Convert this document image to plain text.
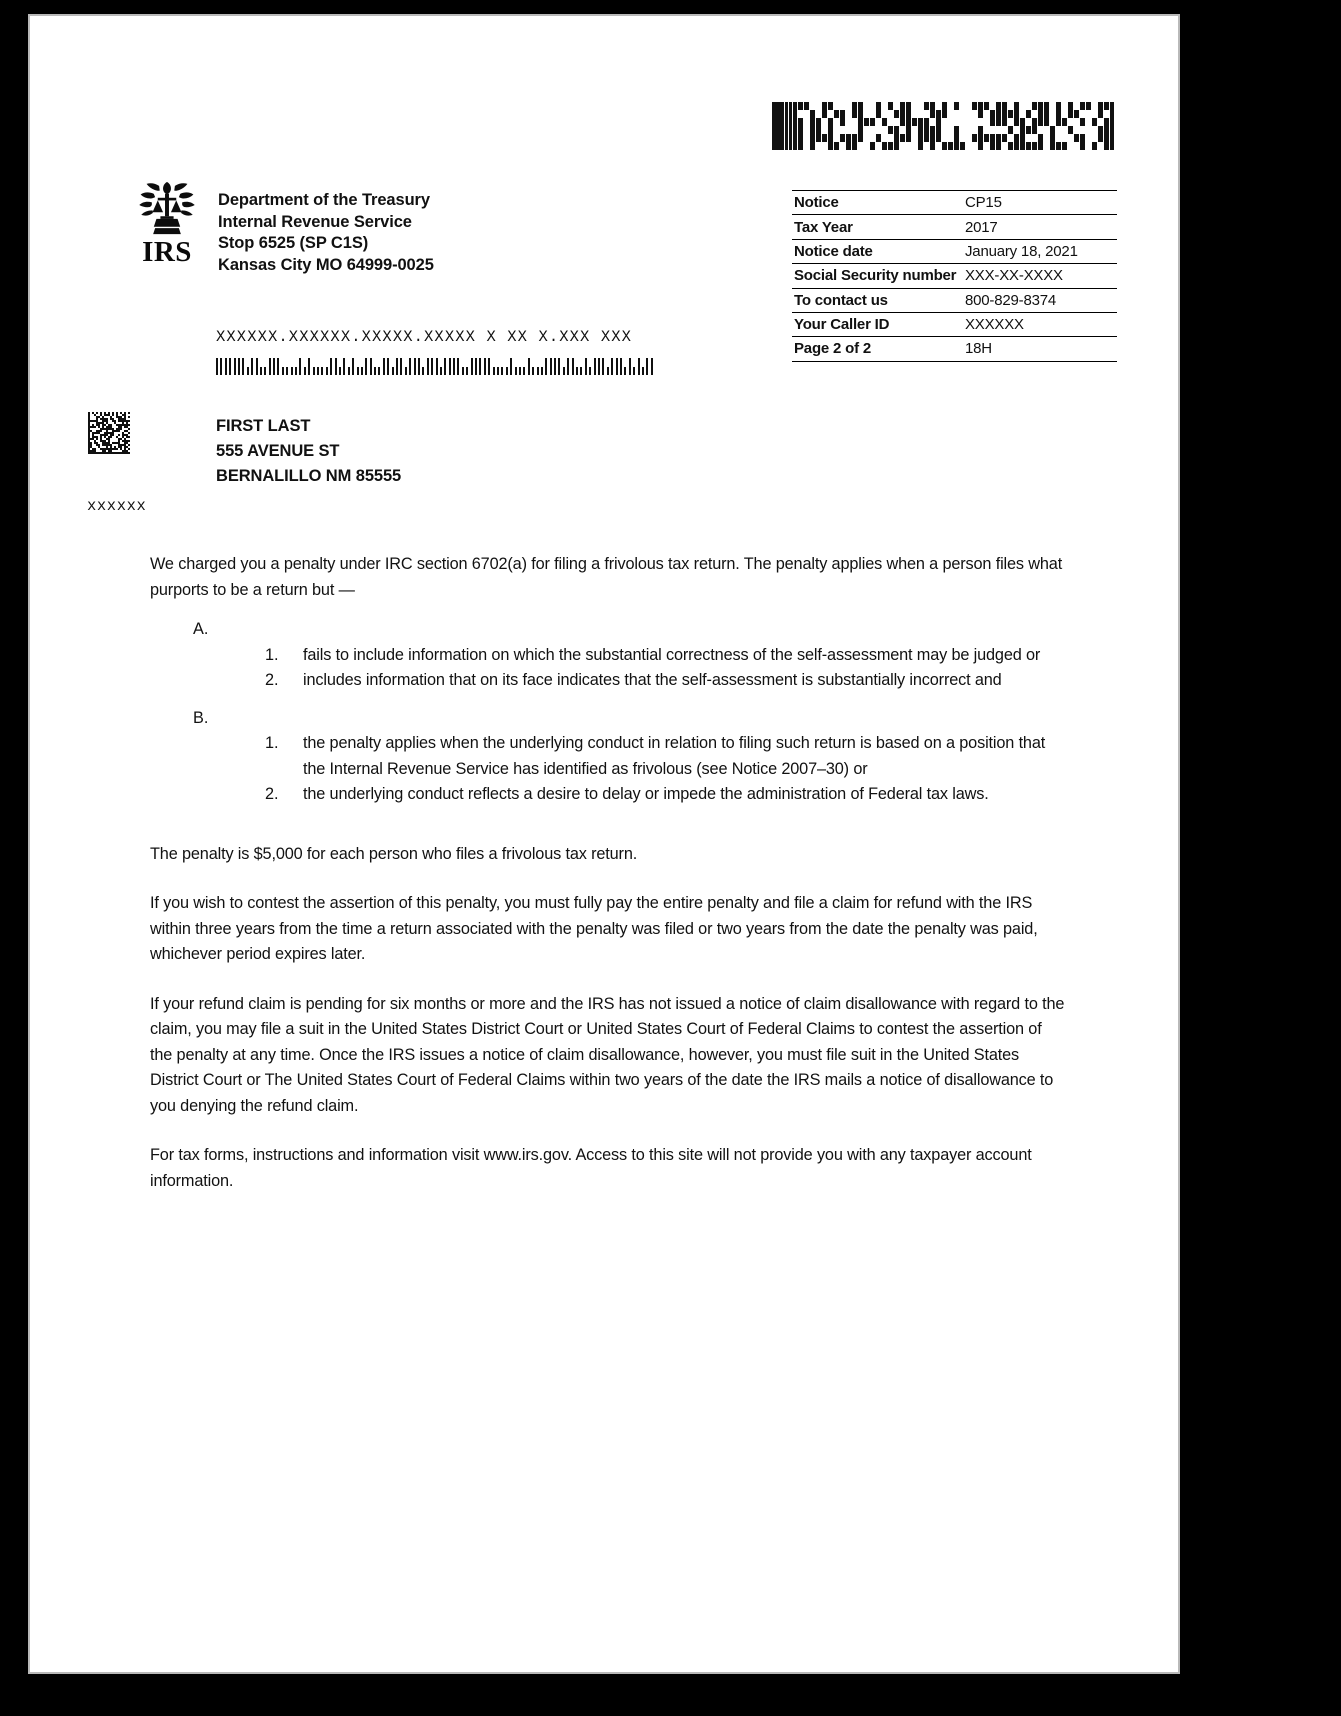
IRS
Department of the Treasury
Internal Revenue Service
Stop 6525 (SP C1S)
Kansas City MO 64999-0025
Notice	CP15
Tax Year	2017
Notice date	January 18, 2021
Social Security number	XXX-XX-XXXX
To contact us	800-829-8374
Your Caller ID	XXXXXX
Page 2 of 2	18H
XXXXXX.XXXXXX.XXXXX.XXXXX X XX X.XXX XXX
FIRST LAST
555 AVENUE ST
BERNALILLO NM 85555
xxxxxx

We charged you a penalty under IRC section 6702(a) for filing a frivolous tax return. The penalty applies when a person files what purports to be a return but —

A.
1.	fails to include information on which the substantial correctness of the self-assessment may be judged or
2.	includes information that on its face indicates that the self-assessment is substantially incorrect and
B.
1.	the penalty applies when the underlying conduct in relation to filing such return is based on a position that the Internal Revenue Service has identified as frivolous (see Notice 2007–30) or
2.	the underlying conduct reflects a desire to delay or impede the administration of Federal tax laws.

The penalty is $5,000 for each person who files a frivolous tax return.

If you wish to contest the assertion of this penalty, you must fully pay the entire penalty and file a claim for refund with the IRS within three years from the time a return associated with the penalty was filed or two years from the date the penalty was paid, whichever period expires later.

If your refund claim is pending for six months or more and the IRS has not issued a notice of claim disallowance with regard to the claim, you may file a suit in the United States District Court or United States Court of Federal Claims to contest the assertion of the penalty at any time. Once the IRS issues a notice of claim disallowance, however, you must file suit in the United States District Court or The United States Court of Federal Claims within two years of the date the IRS mails a notice of disallowance to you denying the refund claim.

For tax forms, instructions and information visit www.irs.gov. Access to this site will not provide you with any taxpayer account information.
